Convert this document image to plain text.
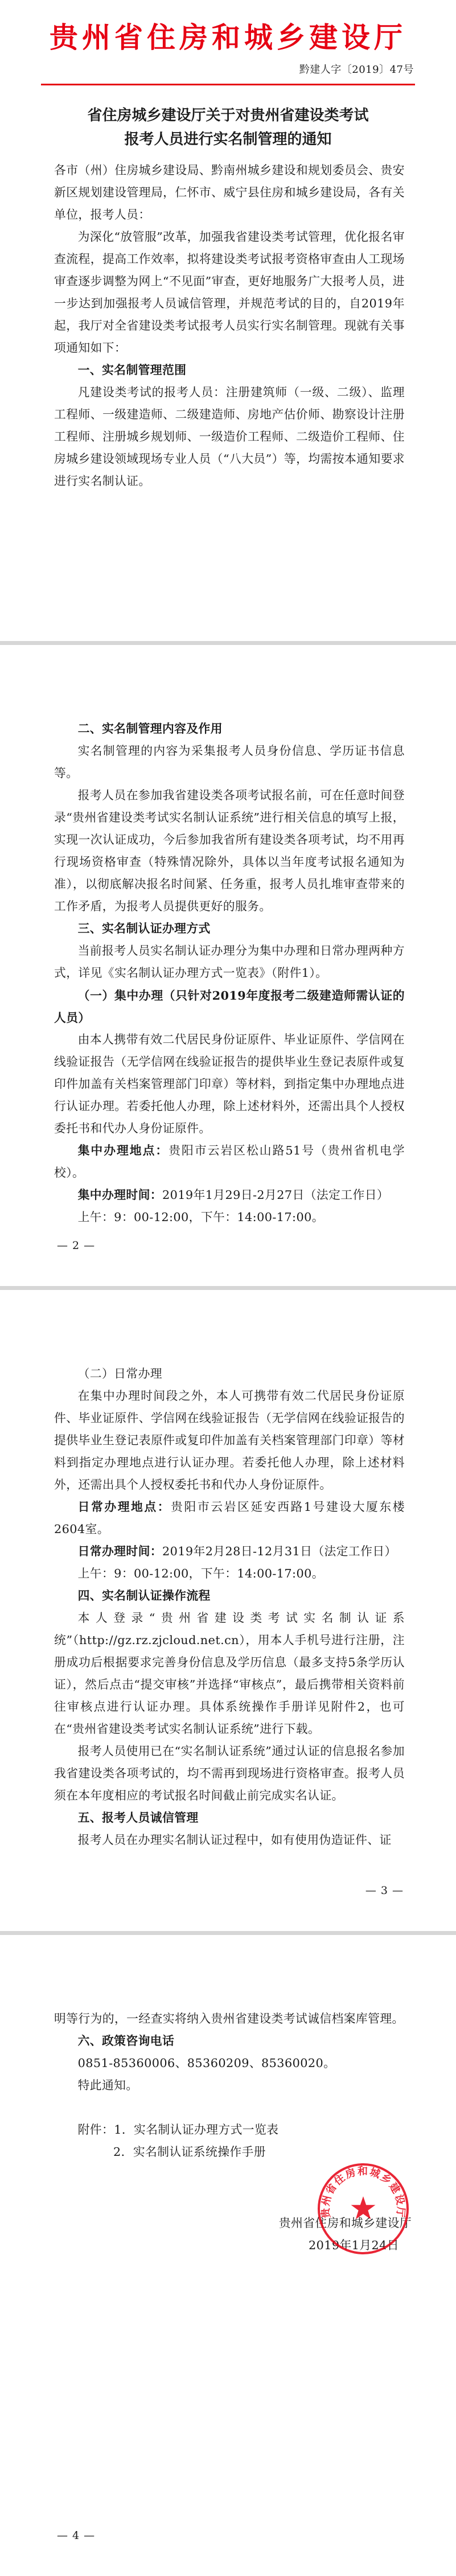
贵州省住房和城乡建设厅
黔建人字〔2019〕47号
省住房城乡建设厅关于对贵州省建设类考试
报考人员进行实名制管理的通知

各市（州）住房城乡建设局、黔南州城乡建设和规划委员会、贵安新区规划建设管理局，仁怀市、威宁县住房和城乡建设局，各有关单位，报考人员：

为深化“放管服”改革，加强我省建设类考试管理，优化报名审查流程，提高工作效率，拟将建设类考试报考资格审查由人工现场审查逐步调整为网上“不见面”审查，更好地服务广大报考人员，进一步达到加强报考人员诚信管理，并规范考试的目的，自2019年起，我厅对全省建设类考试报考人员实行实名制管理。现就有关事项通知如下：

一、实名制管理范围

凡建设类考试的报考人员：注册建筑师（一级、二级）、监理工程师、一级建造师、二级建造师、房地产估价师、勘察设计注册工程师、注册城乡规划师、一级造价工程师、二级造价工程师、住房城乡建设领域现场专业人员（“八大员”）等，均需按本通知要求进行实名制认证。

二、实名制管理内容及作用

实名制管理的内容为采集报考人员身份信息、学历证书信息等。

报考人员在参加我省建设类各项考试报名前，可在任意时间登录“贵州省建设类考试实名制认证系统”进行相关信息的填写上报，实现一次认证成功，今后参加我省所有建设类各项考试，均不用再行现场资格审查（特殊情况除外，具体以当年度考试报名通知为准），以彻底解决报名时间紧、任务重，报考人员扎堆审查带来的工作矛盾，为报考人员提供更好的服务。

三、实名制认证办理方式

当前报考人员实名制认证办理分为集中办理和日常办理两种方式，详见《实名制认证办理方式一览表》（附件1）。

（一）集中办理（只针对2019年度报考二级建造师需认证的人员）

由本人携带有效二代居民身份证原件、毕业证原件、学信网在线验证报告（无学信网在线验证报告的提供毕业生登记表原件或复印件加盖有关档案管理部门印章）等材料，到指定集中办理地点进行认证办理。若委托他人办理，除上述材料外，还需出具个人授权委托书和代办人身份证原件。

集中办理地点：贵阳市云岩区松山路51号（贵州省机电学校）。

集中办理时间：2019年1月29日-2月27日（法定工作日）

上午：9：00-12:00，下午：14:00-17:00。

— 2 —

（二）日常办理

在集中办理时间段之外，本人可携带有效二代居民身份证原件、毕业证原件、学信网在线验证报告（无学信网在线验证报告的提供毕业生登记表原件或复印件加盖有关档案管理部门印章）等材料到指定办理地点进行认证办理。若委托他人办理，除上述材料外，还需出具个人授权委托书和代办人身份证原件。

日常办理地点：贵阳市云岩区延安西路1号建设大厦东楼2604室。

日常办理时间：2019年2月28日-12月31日（法定工作日）

上午：9：00-12:00，下午：14:00-17:00。

四、实名制认证操作流程

本人登录“贵州省建设类考试实名制认证系统”（http://gz.rz.zjcloud.net.cn），用本人手机号进行注册，注册成功后根据要求完善身份信息及学历信息（最多支持5条学历认证），然后点击“提交审核”并选择“审核点”，最后携带相关资料前往审核点进行认证办理。具体系统操作手册详见附件2，也可在“贵州省建设类考试实名制认证系统”进行下载。

报考人员使用已在“实名制认证系统”通过认证的信息报名参加我省建设类各项考试的，均不需再到现场进行资格审查。报考人员须在本年度相应的考试报名时间截止前完成实名认证。

五、报考人员诚信管理

报考人员在办理实名制认证过程中，如有使用伪造证件、证

— 3 —

明等行为的，一经查实将纳入贵州省建设类考试诚信档案库管理。

六、政策咨询电话

0851-85360006、85360209、85360020。

特此通知。

附件：1．实名制认证办理方式一览表

2．实名制认证系统操作手册

贵州省住房和城乡建设厅
2019年1月24日
贵州省住房和城乡建设厅
— 4 —
